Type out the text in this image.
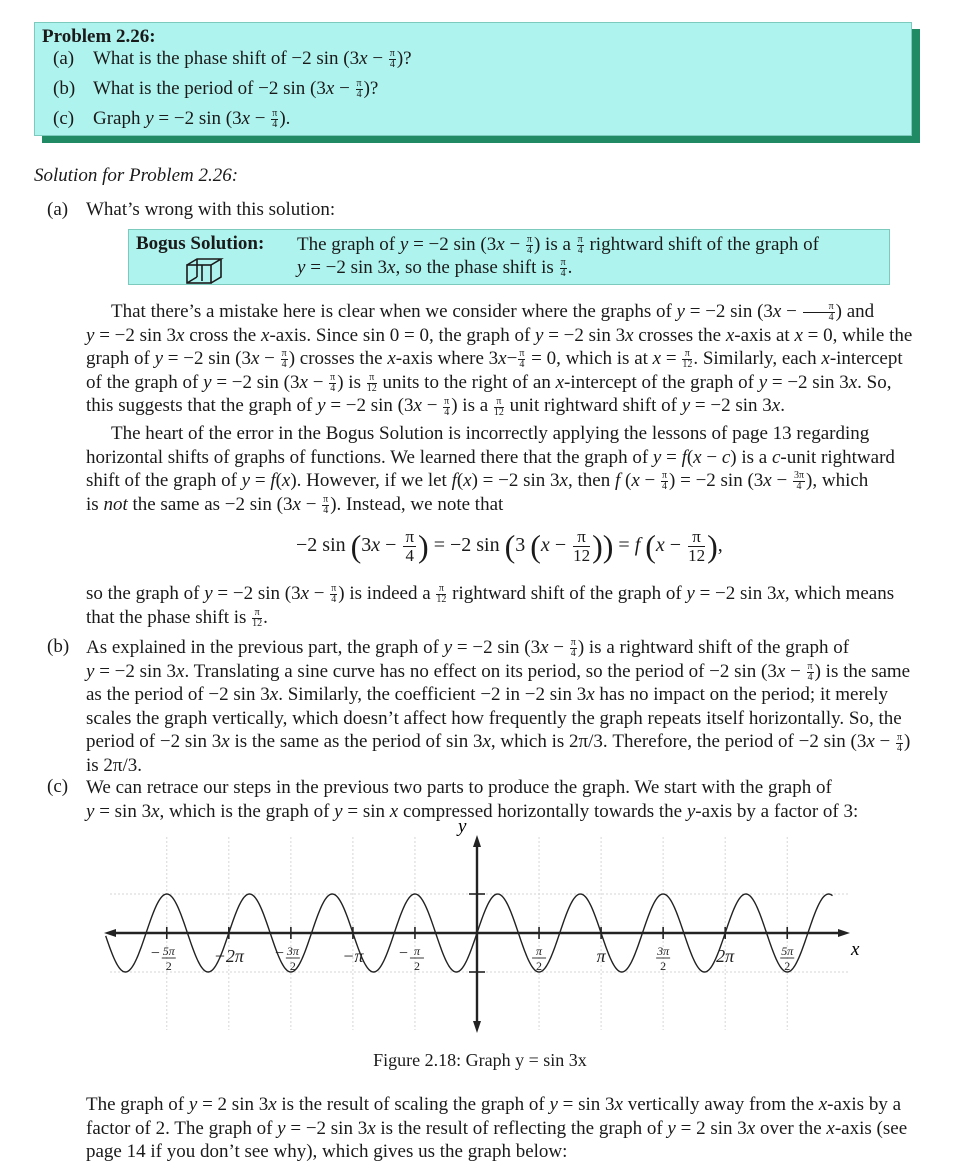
Problem 2.26:
(a) What is the phase shift of −2 $\sin (3x - \frac{\pi}{4}$ )?
(b) What is the period of −2 $\sin (3x - \frac{\pi}{4}$ )?
(c) Graph y = −2 $\sin (3x - \frac{\pi}{4}$ ).
Solution for Problem 2.26:
(a) What’s wrong with this solution:
Bogus Solution: The graph of y = −2 $\sin (3x - \frac{\pi}{4}$ ) is a $\frac{\pi}{4}$ rightward shift of the graph of
y = −2 sin 3x, so the phase shift is $\frac{\pi}{4}$ .
That there’s a mistake here is clear when we consider where the graphs of y = −2 $\sin (3x - \frac{\pi}{4}$ ) and
y = −2 sin 3x cross the x-axis. Since sin 0 = 0, the graph of y = −2 sin 3x crosses the x-axis at x = 0, while the
graph of y = −2 $\sin (3x - \frac{\pi}{4}$ ) crosses the x-axis where $3x- \frac{\pi}{4} = 0$, which is at $x = \frac{\pi}{12}$ . Similarly, each x-intercept
of the graph of y = −2 $\sin (3x - \frac{\pi}{4}$ ) is $\frac{\pi}{12}$ units to the right of an x-intercept of the graph of y = −2 sin 3x. So,
this suggests that the graph of y = −2 $\sin (3x - \frac{\pi}{4}$ ) is a $\frac{\pi}{12}$ unit rightward shift of y = −2 sin 3x.
The heart of the error in the Bogus Solution is incorrectly applying the lessons of page 13 regarding
horizontal shifts of graphs of functions. We learned there that the graph of y = f(x − c) is a c-unit rightward
shift of the graph of y = f(x). However, if we let f(x) = −2 sin 3x, then f ($x - \frac{\pi}{4}$ ) = −2 $\sin (3x - \frac{3\pi}{4}$ ), which
is not the same as −2 $\sin (3x - \frac{\pi}{4}$ ). Instead, we note that
−2 $\sin (3x - \frac{\pi}{4}$ ) = −2 sin (3 ($x - \frac{\pi}{12}$ )) = f ($x - \frac{\pi}{12}$ ),
so the graph of y = −2 $\sin (3x - \frac{\pi}{4}$ ) is indeed a $\frac{\pi}{12}$ rightward shift of the graph of y = −2 sin 3x, which means
that the phase shift is $\frac{\pi}{12}$ .
(b) As explained in the previous part, the graph of y = −2 $\sin (3x - \frac{\pi}{4}$ ) is a rightward shift of the graph of
y = −2 sin 3x. Translating a sine curve has no effect on its period, so the period of −2 $\sin (3x - \frac{\pi}{4}$ ) is the same
as the period of −2 sin 3x. Similarly, the coefficient −2 in −2 sin 3x has no impact on the period; it merely
scales the graph vertically, which doesn’t affect how frequently the graph repeats itself horizontally. So, the
period of −2 sin 3x is the same as the period of sin 3x, which is 2π/3. Therefore, the period of −2 $\sin (3x - \frac{\pi}{4}$ )
is 2π/3.
(c) We can retrace our steps in the previous two parts to produce the graph. We start with the graph of
y = sin 3x, which is the graph of y = sin x compressed horizontally towards the y-axis by a factor of 3:
− 5π
2 −2π − 3π
2	−π − π
2
π
2	π	3π
2	2π	5π
2
x
y
Figure 2.18: Graph y = sin 3x
The graph of y = 2 sin 3x is the result of scaling the graph of y = sin 3x vertically away from the x-axis by a
factor of 2. The graph of y = −2 sin 3x is the result of reflecting the graph of y = 2 sin 3x over the x-axis (see
page 14 if you don’t see why), which gives us the graph below:
